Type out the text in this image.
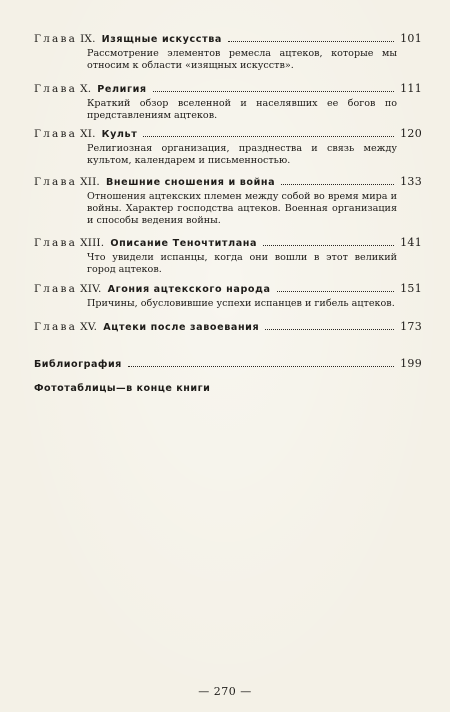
Глава IX. Изящные искусства	101
Рассмотрение элементов ремесла ацтеков, которые мы относим к области «изящных искусств».
Глава X. Религия	111
Краткий обзор вселенной и населявших ее богов по представлениям ацтеков.
Глава XI. Культ	120
Религиозная организация, празднества и связь между культом, календарем и письменностью.
Глава XII. Внешние сношения и война	133
Отношения ацтекских племен между собой во время мира и войны. Характер господства ацтеков. Военная организация и способы ведения войны.
Глава XIII. Описание Теночтитлана	141
Что увидели испанцы, когда они вошли в этот великий город ацтеков.
Глава XIV. Агония ацтекского народа	151
Причины, обусловившие успехи испанцев и гибель ацтеков.
Глава XV. Ацтеки после завоевания	173
Библиография	199
Фототаблицы—в конце книги
— 270 —
